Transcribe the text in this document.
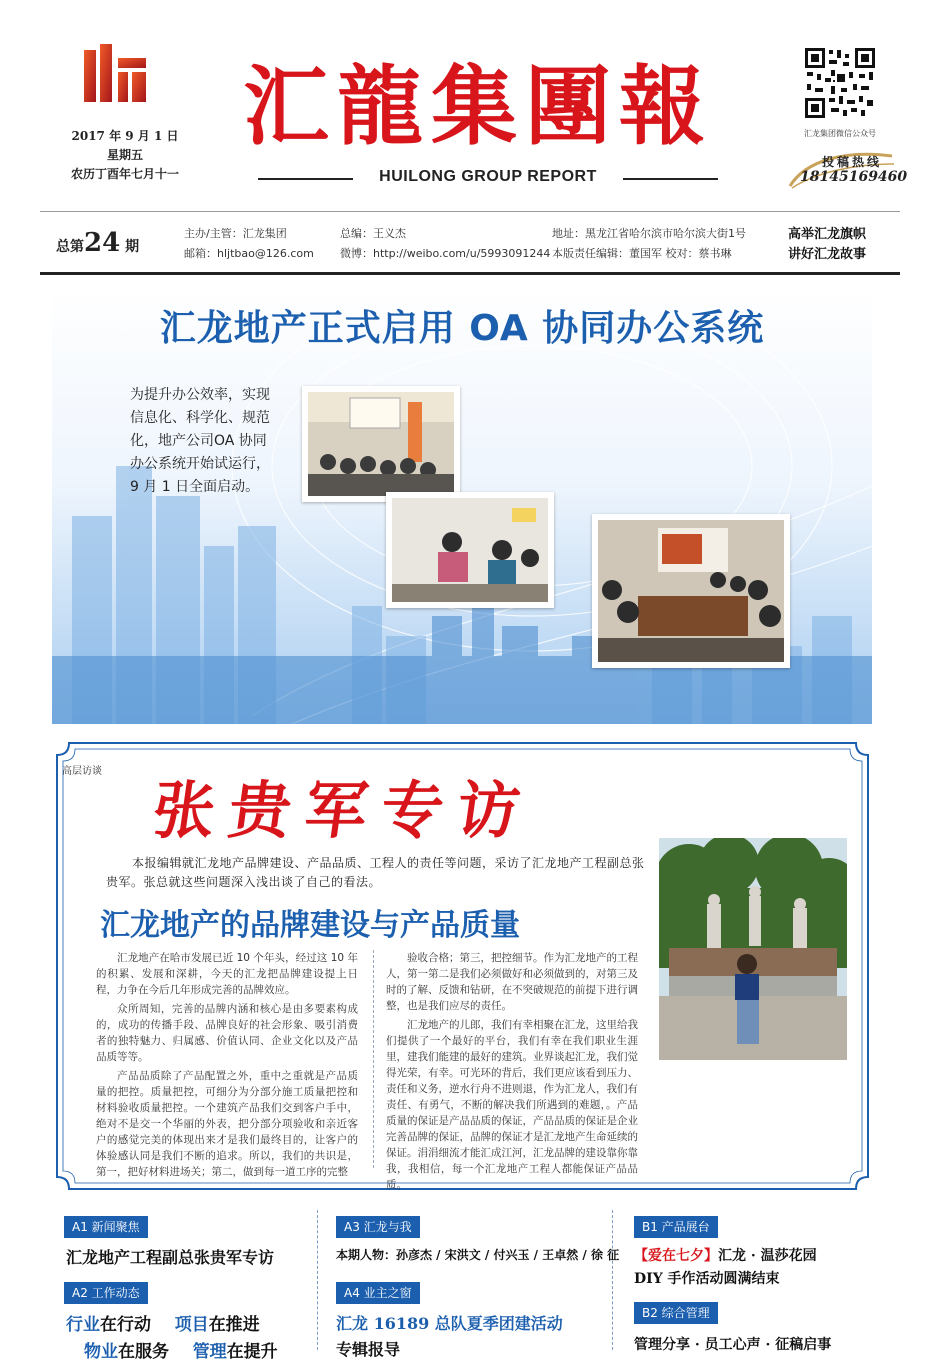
2017 年 9 月 1 日
星期五
农历丁酉年七月十一
汇龍集團報
HUILONG GROUP REPORT
汇龙集团微信公众号
投稿热线
18145169460
总第24 期
主办/主管：汇龙集团
邮箱：hljtbao@126.com
总编：王义杰
微博：http://weibo.com/u/5993091244
地址：黑龙江省哈尔滨市哈尔滨大街1号
本版责任编辑：董国军 校对：蔡书琳
高举汇龙旗帜
讲好汇龙故事
汇龙地产正式启用 OA 协同办公系统
为提升办公效率，实现信息化、科学化、规范化，地产公司OA 协同办公系统开始试运行，9 月 1 日全面启动。
高层访谈
张贵军专访
本报编辑就汇龙地产品牌建设、产品品质、工程人的责任等问题，采访了汇龙地产工程副总张贵军。张总就这些问题深入浅出谈了自己的看法。
汇龙地产的品牌建设与产品质量

汇龙地产在哈市发展已近 10 个年头，经过这 10 年的积累、发展和深耕，今天的汇龙把品牌建设提上日程，力争在今后几年形成完善的品牌效应。

众所周知，完善的品牌内涵和核心是由多要素构成的，成功的传播手段、品牌良好的社会形象、吸引消费者的独特魅力、归属感、价值认同、企业文化以及产品品质等等。

产品品质除了产品配置之外，重中之重就是产品质量的把控。质量把控，可细分为分部分施工质量把控和材料验收质量把控。一个建筑产品我们交到客户手中，绝对不是交一个华丽的外表，把分部分项验收和亲近客户的感觉完美的体现出来才是我们最终目的，让客户的体验感认同是我们不断的追求。所以，我们的共识是，第一，把好材料进场关；第二，做到每一道工序的完整

验收合格；第三，把控细节。作为汇龙地产的工程人，第一第二是我们必须做好和必须做到的，对第三及时的了解、反馈和钻研，在不突破规范的前提下进行调整，也是我们应尽的责任。

汇龙地产的儿郎，我们有幸相聚在汇龙，这里给我们提供了一个最好的平台，我们有幸在我们职业生涯里，建我们能建的最好的建筑。业界谈起汇龙，我们觉得光荣，有幸。可光环的背后，我们更应该看到压力、责任和义务，逆水行舟不进则退，作为汇龙人，我们有责任、有勇气，不断的解决我们所遇到的难题，。产品质量的保证是产品品质的保证，产品品质的保证是企业完善品牌的保证，品牌的保证才是汇龙地产生命延续的保证。涓涓细流才能汇成江河，汇龙品牌的建设靠你靠我，我相信，每一个汇龙地产工程人都能保证产品品质。

A1 新闻聚焦
汇龙地产工程副总张贵军专访
A2 工作动态
行业在行动 项目在推进
物业在服务 管理在提升
A3 汇龙与我
本期人物：孙彦杰 / 宋洪文 / 付兴玉 / 王卓然 / 徐 征
A4 业主之窗
汇龙 16189 总队夏季团建活动
专辑报导
B1 产品展台
【爱在七夕】汇龙 · 温莎花园
DIY 手作活动圆满结束
B2 综合管理
管理分享 · 员工心声 · 征稿启事
